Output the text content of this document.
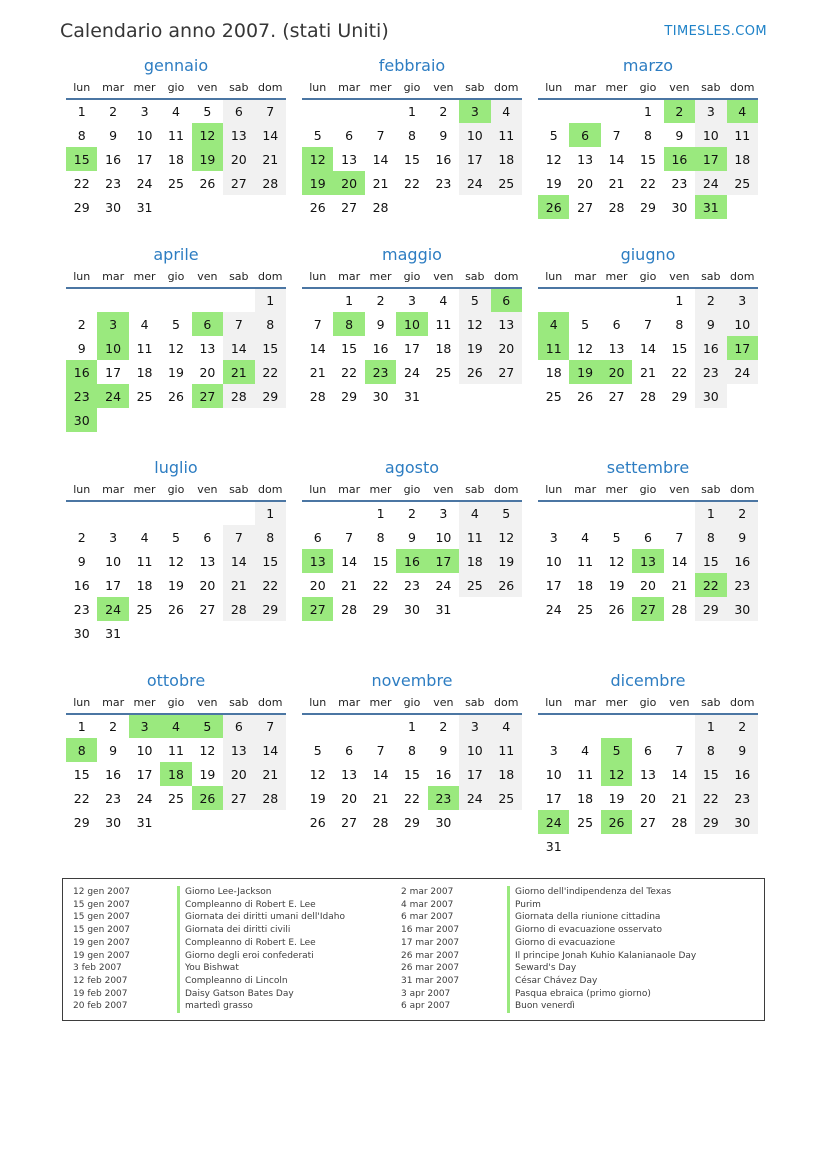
Calendario anno 2007. (stati Uniti)	TIMESLES.COM
gennaio
lun	mar	mer	gio	ven	sab	dom
1	2	3	4	5	6	7
8	9	10	11	12	13	14
15	16	17	18	19	20	21
22	23	24	25	26	27	28
29	30	31				
febbraio
lun	mar	mer	gio	ven	sab	dom
			1	2	3	4
5	6	7	8	9	10	11
12	13	14	15	16	17	18
19	20	21	22	23	24	25
26	27	28				
marzo
lun	mar	mer	gio	ven	sab	dom
			1	2	3	4
5	6	7	8	9	10	11
12	13	14	15	16	17	18
19	20	21	22	23	24	25
26	27	28	29	30	31	
aprile
lun	mar	mer	gio	ven	sab	dom
						1
2	3	4	5	6	7	8
9	10	11	12	13	14	15
16	17	18	19	20	21	22
23	24	25	26	27	28	29
30						
maggio
lun	mar	mer	gio	ven	sab	dom
	1	2	3	4	5	6
7	8	9	10	11	12	13
14	15	16	17	18	19	20
21	22	23	24	25	26	27
28	29	30	31			
giugno
lun	mar	mer	gio	ven	sab	dom
				1	2	3
4	5	6	7	8	9	10
11	12	13	14	15	16	17
18	19	20	21	22	23	24
25	26	27	28	29	30	
luglio
lun	mar	mer	gio	ven	sab	dom
						1
2	3	4	5	6	7	8
9	10	11	12	13	14	15
16	17	18	19	20	21	22
23	24	25	26	27	28	29
30	31					
agosto
lun	mar	mer	gio	ven	sab	dom
		1	2	3	4	5
6	7	8	9	10	11	12
13	14	15	16	17	18	19
20	21	22	23	24	25	26
27	28	29	30	31		
settembre
lun	mar	mer	gio	ven	sab	dom
					1	2
3	4	5	6	7	8	9
10	11	12	13	14	15	16
17	18	19	20	21	22	23
24	25	26	27	28	29	30
ottobre
lun	mar	mer	gio	ven	sab	dom
1	2	3	4	5	6	7
8	9	10	11	12	13	14
15	16	17	18	19	20	21
22	23	24	25	26	27	28
29	30	31				
novembre
lun	mar	mer	gio	ven	sab	dom
			1	2	3	4
5	6	7	8	9	10	11
12	13	14	15	16	17	18
19	20	21	22	23	24	25
26	27	28	29	30		
dicembre
lun	mar	mer	gio	ven	sab	dom
					1	2
3	4	5	6	7	8	9
10	11	12	13	14	15	16
17	18	19	20	21	22	23
24	25	26	27	28	29	30
31						
12 gen 2007	Giorno Lee-Jackson	2 mar 2007	Giorno dell'indipendenza del Texas
15 gen 2007	Compleanno di Robert E. Lee	4 mar 2007	Purim
15 gen 2007	Giornata dei diritti umani dell'Idaho	6 mar 2007	Giornata della riunione cittadina
15 gen 2007	Giornata dei diritti civili	16 mar 2007	Giorno di evacuazione osservato
19 gen 2007	Compleanno di Robert E. Lee	17 mar 2007	Giorno di evacuazione
19 gen 2007	Giorno degli eroi confederati	26 mar 2007	Il principe Jonah Kuhio Kalanianaole Day
3 feb 2007	You Bishwat	26 mar 2007	Seward's Day
12 feb 2007	Compleanno di Lincoln	31 mar 2007	César Chávez Day
19 feb 2007	Daisy Gatson Bates Day	3 apr 2007	Pasqua ebraica (primo giorno)
20 feb 2007	martedì grasso	6 apr 2007	Buon venerdì
